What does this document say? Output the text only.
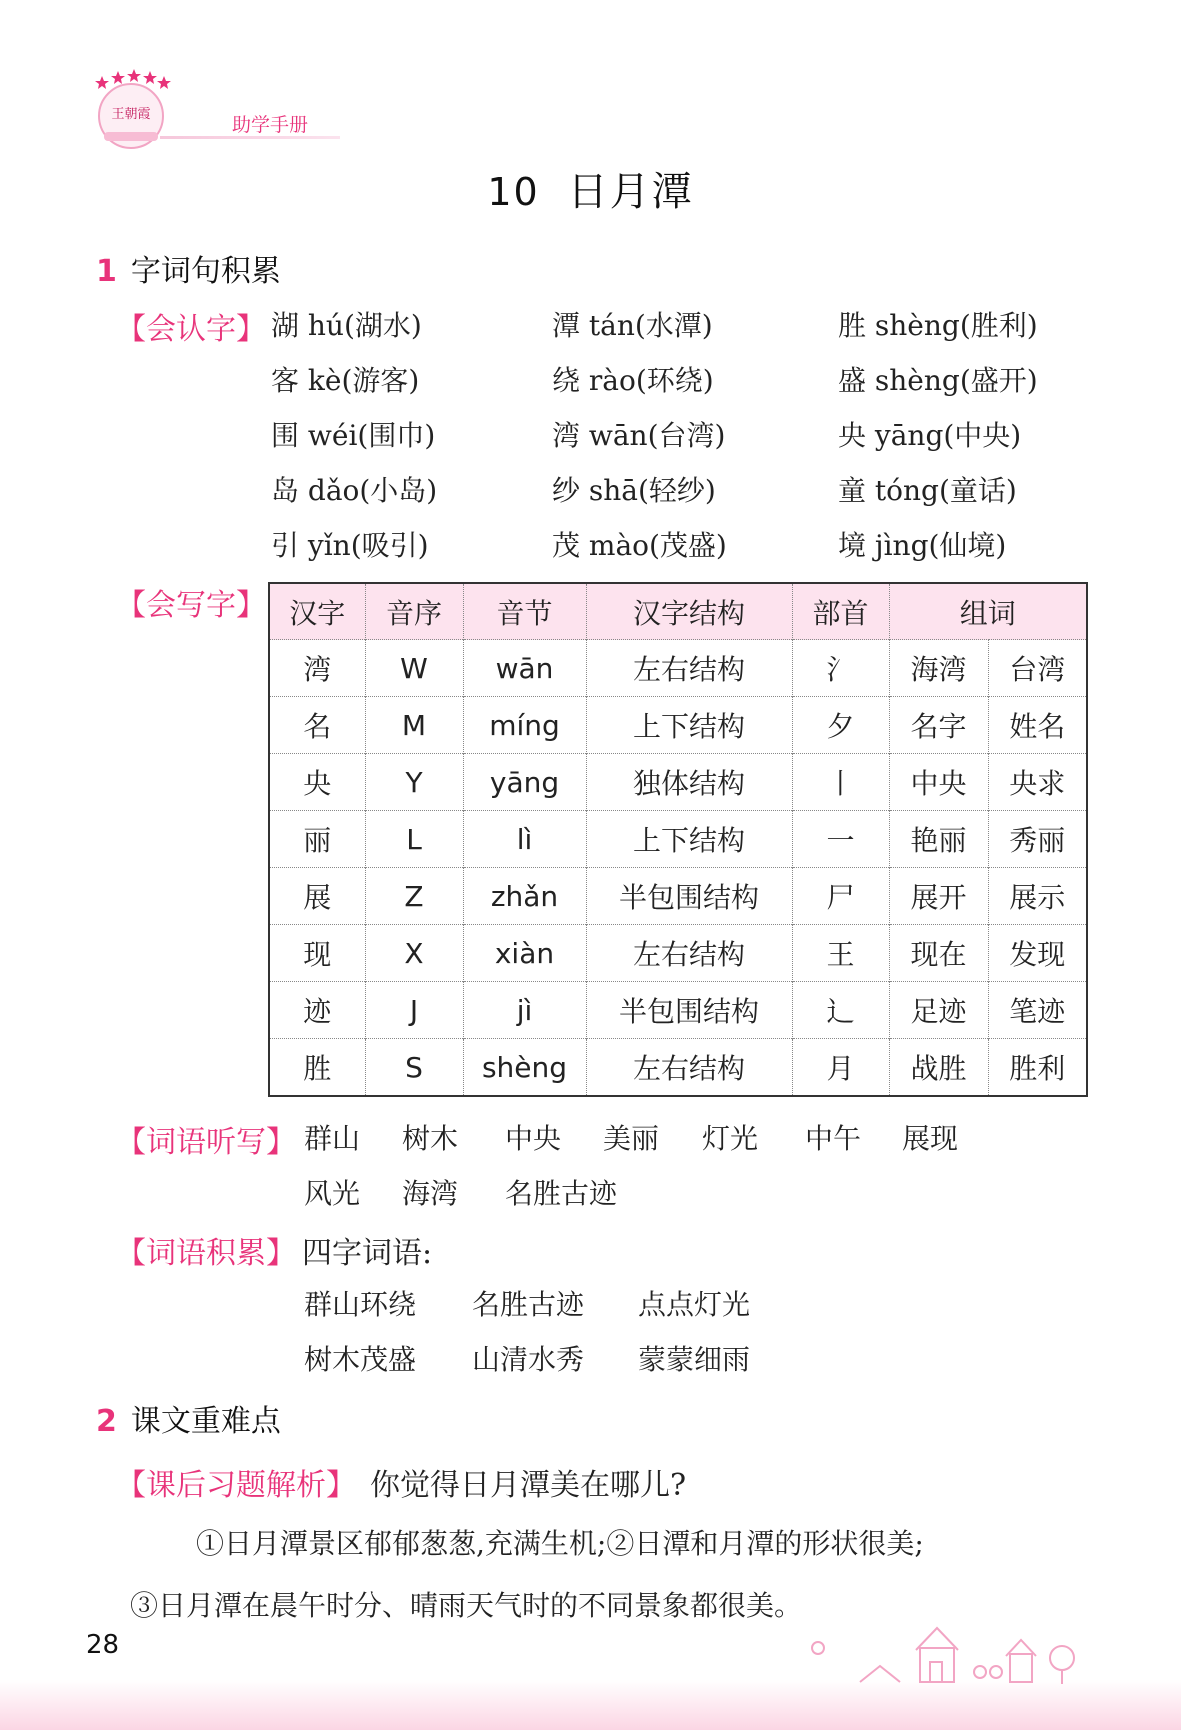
王朝霞	助学手册
10 日月潭
1 字词句积累
【会认字】 湖 hú(湖水)	潭 tán(水潭)	胜 shèng(胜利)
客 kè(游客)	绕 rào(环绕)	盛 shèng(盛开)
围 wéi(围巾)	湾 wān(台湾)	央 yāng(中央)
岛 dǎo(小岛)	纱 shā(轻纱)	童 tóng(童话)
引 yǐn(吸引)	茂 mào(茂盛)	境 jìng(仙境)
【会写字】 汉字	音序	音节	汉字结构	部首	组词	
湾	W	wān	左右结构	氵	海湾	台湾
名	M	míng	上下结构	夕	名字	姓名
央	Y	yāng	独体结构	丨	中央	央求
丽	L	lì	上下结构	一	艳丽	秀丽
展	Z	zhǎn	半包围结构	尸	展开	展示
现	X	xiàn	左右结构	王	现在	发现
迹	J	jì	半包围结构	辶	足迹	笔迹
胜	S	shèng	左右结构	月	战胜	胜利
【词语听写】 群山 树木 中央 美丽 灯光 中午 展现
风光 海湾 名胜古迹
【词语积累】 四字词语:
群山环绕 名胜古迹 点点灯光
树木茂盛 山清水秀 蒙蒙细雨
2 课文重难点
【课后习题解析】 你觉得日月潭美在哪儿?
①日月潭景区郁郁葱葱,充满生机;②日潭和月潭的形状很美;
③日月潭在晨午时分、晴雨天气时的不同景象都很美。
28
